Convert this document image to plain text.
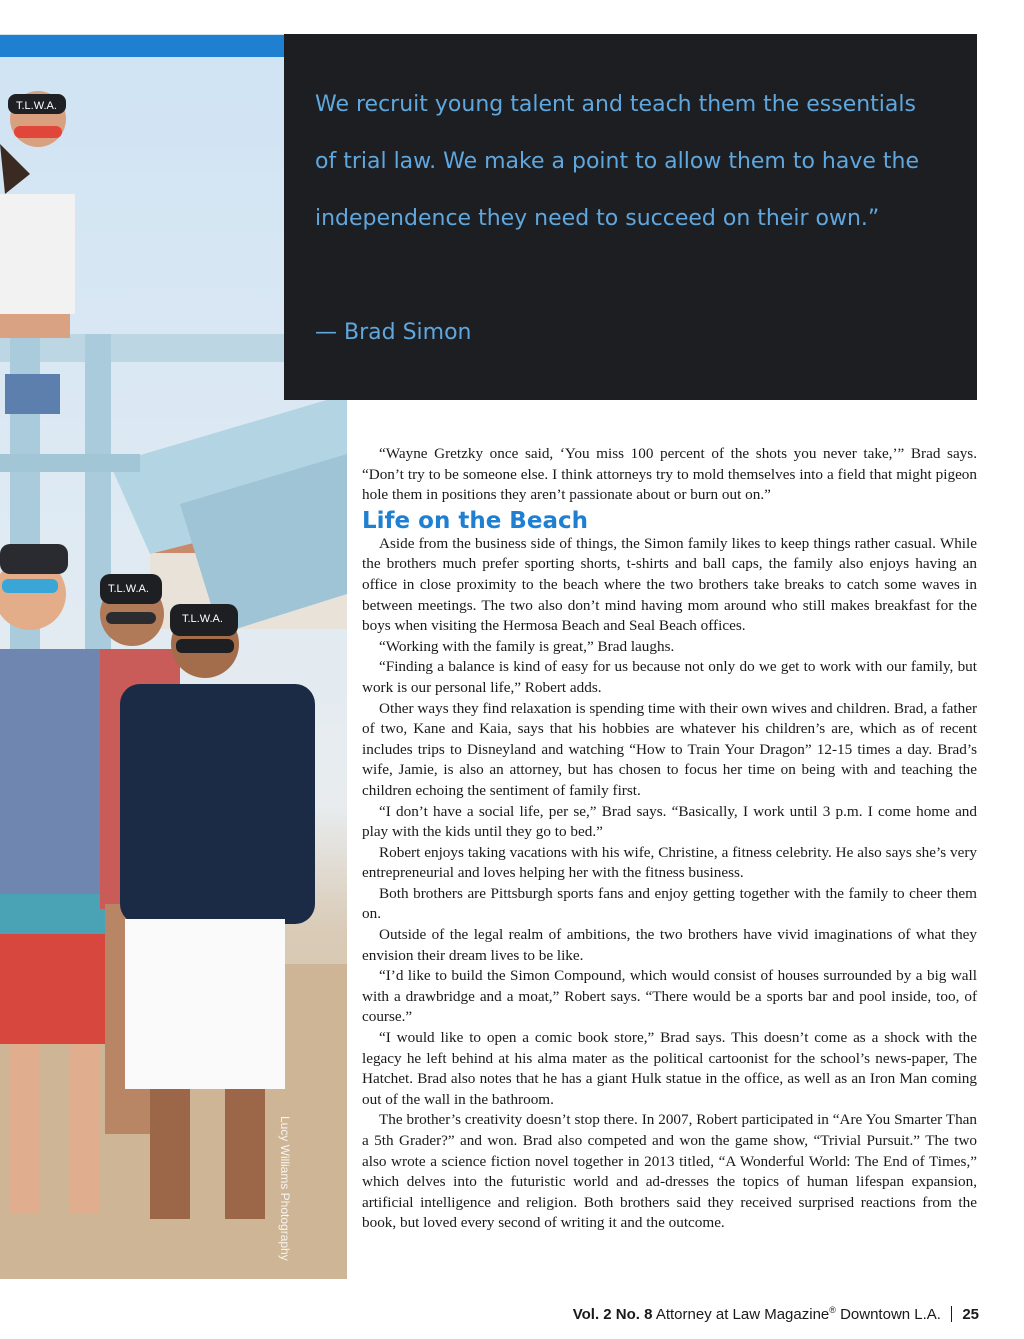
T.L.W.A.
T.L.W.A.
T.L.W.A.
Lucy Williams Photography
“

We recruit young talent and teach them the essentials of trial law. We make a point to allow them to have the independence they need to succeed on their own.”

— Brad Simon

“Wayne Gretzky once said, ‘You miss 100 percent of the shots you never take,’” Brad says. “Don’t try to be someone else. I think attorneys try to mold themselves into a field that might pigeon hole them in positions they aren’t passionate about or burn out on.”

Life on the Beach

Aside from the business side of things, the Simon family likes to keep things rather casual. While the brothers much prefer sporting shorts, t-shirts and ball caps, the family also enjoys having an office in close proximity to the beach where the two brothers take breaks to catch some waves in between meetings. The two also don’t mind having mom around who still makes breakfast for the boys when visiting the Hermosa Beach and Seal Beach offices.

“Working with the family is great,” Brad laughs.

“Finding a balance is kind of easy for us because not only do we get to work with our family, but work is our personal life,” Robert adds.

Other ways they find relaxation is spending time with their own wives and children. Brad, a father of two, Kane and Kaia, says that his hobbies are whatever his children’s are, which as of recent includes trips to Disneyland and watching “How to Train Your Dragon” 12-15 times a day. Brad’s wife, Jamie, is also an attorney, but has chosen to focus her time on being with and teaching the children echoing the sentiment of family first.

“I don’t have a social life, per se,” Brad says. “Basically, I work until 3 p.m. I come home and play with the kids until they go to bed.”

Robert enjoys taking vacations with his wife, Christine, a fitness celebrity. He also says she’s very entrepreneurial and loves helping her with the fitness business.

Both brothers are Pittsburgh sports fans and enjoy getting together with the family to cheer them on.

Outside of the legal realm of ambitions, the two brothers have vivid imaginations of what they envision their dream lives to be like.

“I’d like to build the Simon Compound, which would consist of houses surrounded by a big wall with a drawbridge and a moat,” Robert says. “There would be a sports bar and pool inside, too, of course.”

“I would like to open a comic book store,” Brad says. This doesn’t come as a shock with the legacy he left behind at his alma mater as the political cartoonist for the school’s news-paper, The Hatchet. Brad also notes that he has a giant Hulk statue in the office, as well as an Iron Man coming out of the wall in the bathroom.

The brother’s creativity doesn’t stop there. In 2007, Robert participated in “Are You Smarter Than a 5th Grader?” and won. Brad also competed and won the game show, “Trivial Pursuit.” The two also wrote a science fiction novel together in 2013 titled, “A Wonderful World: The End of Times,” which delves into the futuristic world and ad-dresses the topics of human lifespan expansion, artificial intelligence and religion. Both brothers said they received surprised reactions from the book, but loved every second of writing it and the outcome.

Vol. 2 No. 8 Attorney at Law Magazine® Downtown L.A. 25
